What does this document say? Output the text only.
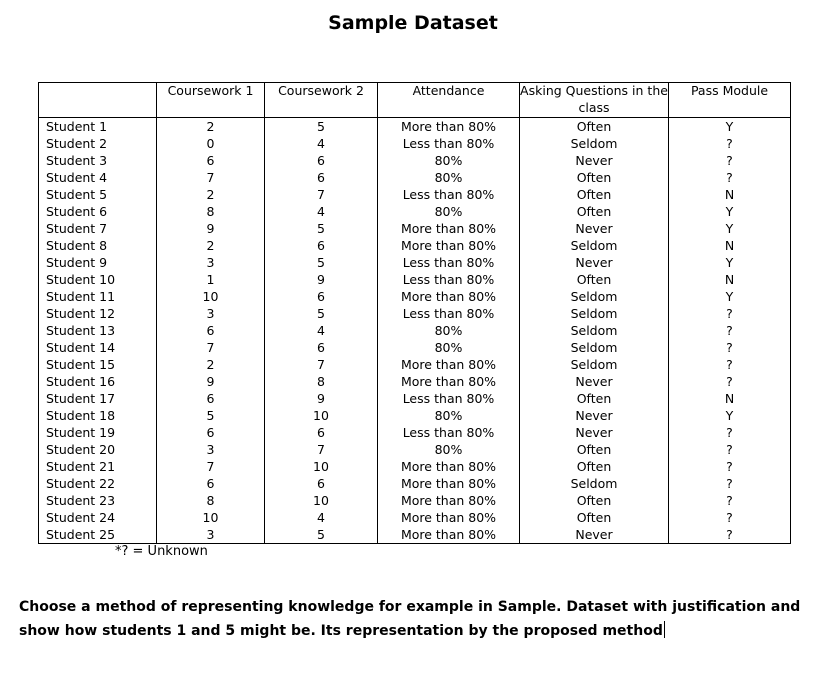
Sample Dataset
	Coursework 1	Coursework 2	Attendance	Asking Questions in the class	Pass Module
Student 1	2	5	More than 80%	Often	Y
Student 2	0	4	Less than 80%	Seldom	?
Student 3	6	6	80%	Never	?
Student 4	7	6	80%	Often	?
Student 5	2	7	Less than 80%	Often	N
Student 6	8	4	80%	Often	Y
Student 7	9	5	More than 80%	Never	Y
Student 8	2	6	More than 80%	Seldom	N
Student 9	3	5	Less than 80%	Never	Y
Student 10	1	9	Less than 80%	Often	N
Student 11	10	6	More than 80%	Seldom	Y
Student 12	3	5	Less than 80%	Seldom	?
Student 13	6	4	80%	Seldom	?
Student 14	7	6	80%	Seldom	?
Student 15	2	7	More than 80%	Seldom	?
Student 16	9	8	More than 80%	Never	?
Student 17	6	9	Less than 80%	Often	N
Student 18	5	10	80%	Never	Y
Student 19	6	6	Less than 80%	Never	?
Student 20	3	7	80%	Often	?
Student 21	7	10	More than 80%	Often	?
Student 22	6	6	More than 80%	Seldom	?
Student 23	8	10	More than 80%	Often	?
Student 24	10	4	More than 80%	Often	?
Student 25	3	5	More than 80%	Never	?
*? = Unknown
Choose a method of representing knowledge for example in Sample. Dataset with justification and show how students 1 and 5 might be. Its representation by the proposed method
